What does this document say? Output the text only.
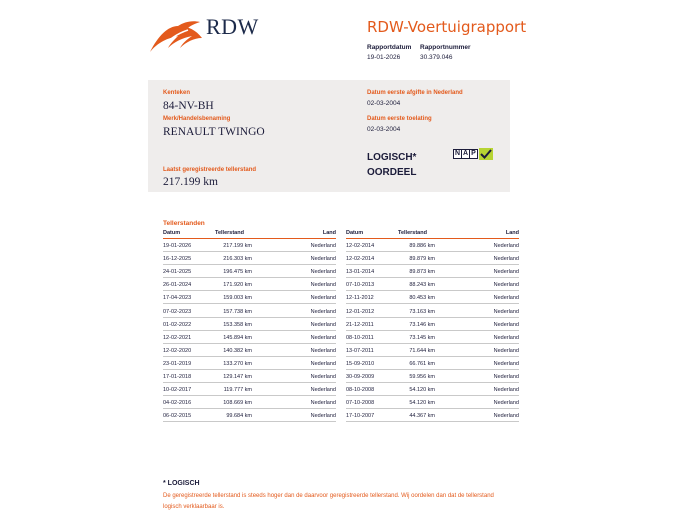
RDW	RDW-Voertuigrapport
Rapportdatum
19-01-2026
Rapportnummer
30.379.046
Kenteken
84-NV-BH
Merk/Handelsbenaming
RENAULT TWINGO
Laatst geregistreerde tellerstand
217.199 km
Datum eerste afgifte in Nederland
02-03-2004
Datum eerste toelating
02-03-2004
LOGISCH*
OORDEEL
N A P
Tellerstanden
Datum	Tellerstand	Land
19-01-2026	217.199 km	Nederland
16-12-2025	216.303 km	Nederland
24-01-2025	196.475 km	Nederland
26-01-2024	171.920 km	Nederland
17-04-2023	159.003 km	Nederland
07-02-2023	157.738 km	Nederland
01-02-2022	153.358 km	Nederland
12-02-2021	145.894 km	Nederland
12-02-2020	140.382 km	Nederland
23-01-2019	133.270 km	Nederland
17-01-2018	129.147 km	Nederland
10-02-2017	119.777 km	Nederland
04-02-2016	108.669 km	Nederland
06-02-2015	99.684 km	Nederland
Datum	Tellerstand	Land
12-02-2014	89.886 km	Nederland
12-02-2014	89.879 km	Nederland
13-01-2014	89.873 km	Nederland
07-10-2013	88.243 km	Nederland
12-11-2012	80.453 km	Nederland
12-01-2012	73.163 km	Nederland
21-12-2011	73.146 km	Nederland
08-10-2011	73.145 km	Nederland
13-07-2011	71.644 km	Nederland
15-09-2010	66.761 km	Nederland
30-09-2009	59.956 km	Nederland
08-10-2008	54.120 km	Nederland
07-10-2008	54.120 km	Nederland
17-10-2007	44.367 km	Nederland
* LOGISCH
De geregistreerde tellerstand is steeds hoger dan de daarvoor geregistreerde tellerstand. Wij oordelen dan dat de tellerstand logisch verklaarbaar is.
